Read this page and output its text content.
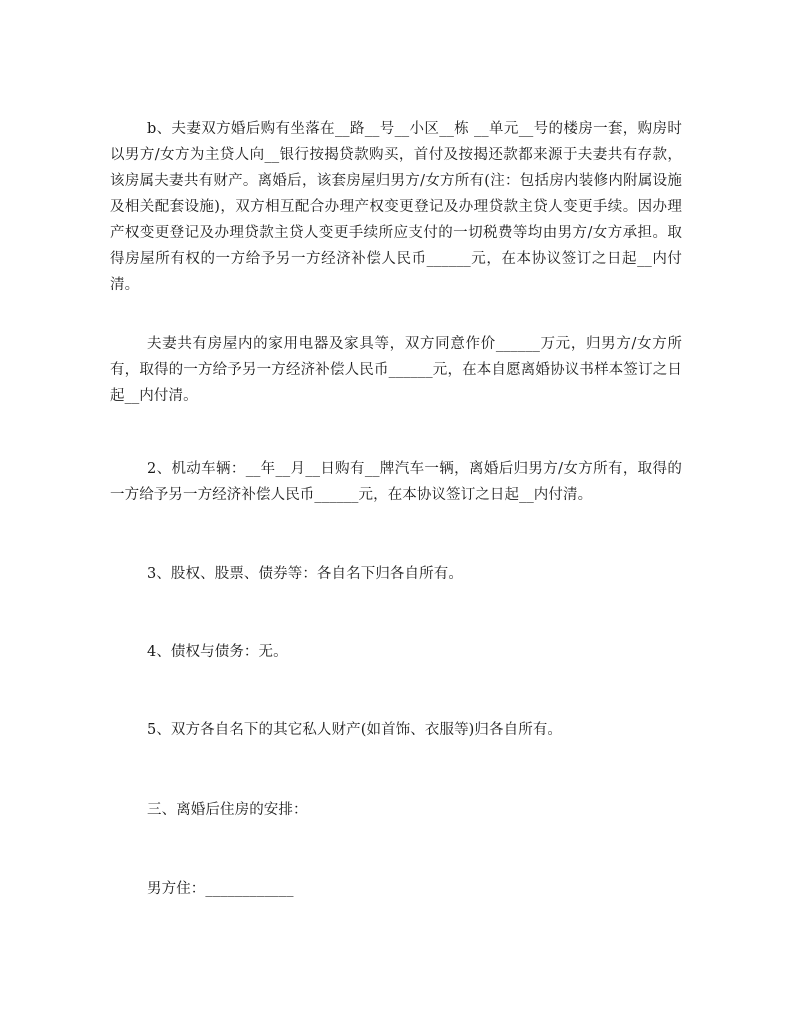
b、夫妻双方婚后购有坐落在__路__号__小区__栋 __单元__号的楼房一套，购房时以男方/女方为主贷人向__银行按揭贷款购买，首付及按揭还款都来源于夫妻共有存款，该房属夫妻共有财产。离婚后，该套房屋归男方/女方所有(注：包括房内装修内附属设施及相关配套设施)，双方相互配合办理产权变更登记及办理贷款主贷人变更手续。因办理产权变更登记及办理贷款主贷人变更手续所应支付的一切税费等均由男方/女方承担。取得房屋所有权的一方给予另一方经济补偿人民币______元，在本协议签订之日起__内付清。

夫妻共有房屋内的家用电器及家具等，双方同意作价______万元，归男方/女方所有，取得的一方给予另一方经济补偿人民币______元，在本自愿离婚协议书样本签订之日起__内付清。

2、机动车辆：__年__月__日购有__牌汽车一辆，离婚后归男方/女方所有，取得的一方给予另一方经济补偿人民币______元，在本协议签订之日起__内付清。

3、股权、股票、债券等：各自名下归各自所有。

4、债权与债务：无。

5、双方各自名下的其它私人财产(如首饰、衣服等)归各自所有。

三、离婚后住房的安排：

男方住：____________
